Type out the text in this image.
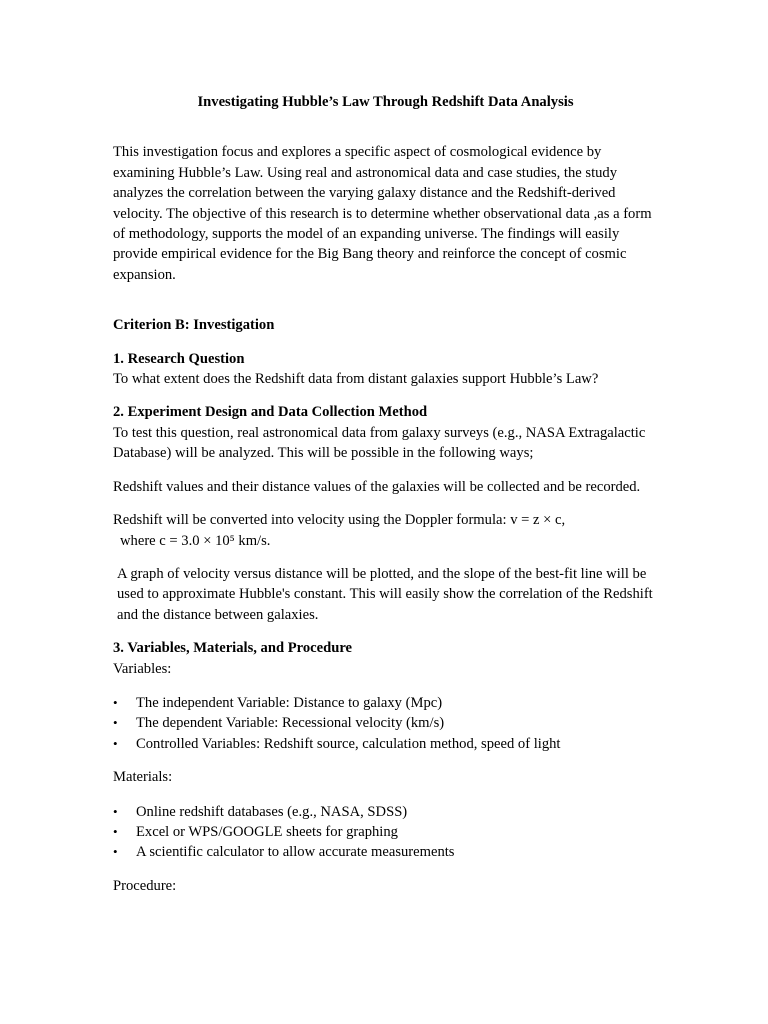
Investigating Hubble’s Law Through Redshift Data Analysis

This investigation focus and explores a specific aspect of cosmological evidence by examining Hubble’s Law. Using real and astronomical data and case studies, the study analyzes the correlation between the varying galaxy distance and the Redshift-derived velocity. The objective of this research is to determine whether observational data ,as a form of methodology, supports the model of an expanding universe. The findings will easily provide empirical evidence for the Big Bang theory and reinforce the concept of cosmic expansion.

Criterion B: Investigation

1. Research Question

To what extent does the Redshift data from distant galaxies support Hubble’s Law?

2. Experiment Design and Data Collection Method

To test this question, real astronomical data from galaxy surveys (e.g., NASA Extragalactic Database) will be analyzed. This will be possible in the following ways;

Redshift values and their distance values of the galaxies will be collected and be recorded.

Redshift will be converted into velocity using the Doppler formula: v = z × c,

where c = 3.0 × 10⁵ km/s.

A graph of velocity versus distance will be plotted, and the slope of the best-fit line will be used to approximate Hubble's constant. This will easily show the correlation of the Redshift and the distance between galaxies.

3. Variables, Materials, and Procedure

Variables:

• The independent Variable: Distance to galaxy (Mpc)
• The dependent Variable: Recessional velocity (km/s)
• Controlled Variables: Redshift source, calculation method, speed of light

Materials:

• Online redshift databases (e.g., NASA, SDSS)
• Excel or WPS/GOOGLE sheets for graphing
• A scientific calculator to allow accurate measurements

Procedure:
